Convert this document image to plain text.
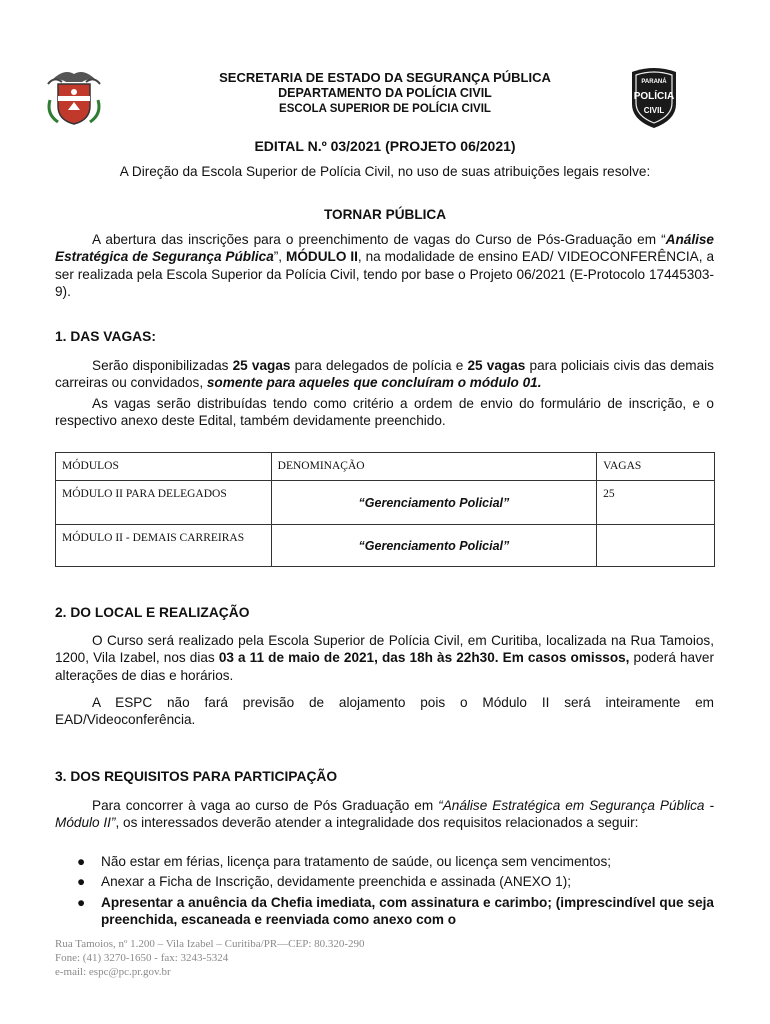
PARANÁ
POLÍCIA
CIVIL
SECRETARIA DE ESTADO DA SEGURANÇA PÚBLICA
DEPARTAMENTO DA POLÍCIA CIVIL
ESCOLA SUPERIOR DE POLÍCIA CIVIL
EDITAL N.º 03/2021 (PROJETO 06/2021)
A Direção da Escola Superior de Polícia Civil, no uso de suas atribuições legais resolve:
TORNAR PÚBLICA
A abertura das inscrições para o preenchimento de vagas do Curso de Pós-Graduação em “Análise Estratégica de Segurança Pública”, MÓDULO II, na modalidade de ensino EAD/ VIDEOCONFERÊNCIA, a ser realizada pela Escola Superior da Polícia Civil, tendo por base o Projeto 06/2021 (E-Protocolo 17445303-9).
1. DAS VAGAS:
Serão disponibilizadas 25 vagas para delegados de polícia e 25 vagas para policiais civis das demais carreiras ou convidados, somente para aqueles que concluíram o módulo 01.
As vagas serão distribuídas tendo como critério a ordem de envio do formulário de inscrição, e o respectivo anexo deste Edital, também devidamente preenchido.
MÓDULOS	DENOMINAÇÃO	VAGAS
MÓDULO II PARA DELEGADOS	“Gerenciamento Policial”	25
MÓDULO II - DEMAIS CARREIRAS	“Gerenciamento Policial”	
2. DO LOCAL E REALIZAÇÃO
O Curso será realizado pela Escola Superior de Polícia Civil, em Curitiba, localizada na Rua Tamoios, 1200, Vila Izabel, nos dias 03 a 11 de maio de 2021, das 18h às 22h30. Em casos omissos, poderá haver alterações de dias e horários.
A ESPC não fará previsão de alojamento pois o Módulo II será inteiramente em EAD/Videoconferência.
3. DOS REQUISITOS PARA PARTICIPAÇÃO
Para concorrer à vaga ao curso de Pós Graduação em “Análise Estratégica em Segurança Pública - Módulo II”, os interessados deverão atender a integralidade dos requisitos relacionados a seguir:
● Não estar em férias, licença para tratamento de saúde, ou licença sem vencimentos;
● Anexar a Ficha de Inscrição, devidamente preenchida e assinada (ANEXO 1);
● Apresentar a anuência da Chefia imediata, com assinatura e carimbo; (imprescindível que seja preenchida, escaneada e reenviada como anexo com o
Rua Tamoios, nº 1.200 – Vila Izabel – Curitiba/PR––CEP: 80.320-290
Fone: (41) 3270-1650 - fax: 3243-5324
e-mail: espc@pc.pr.gov.br
